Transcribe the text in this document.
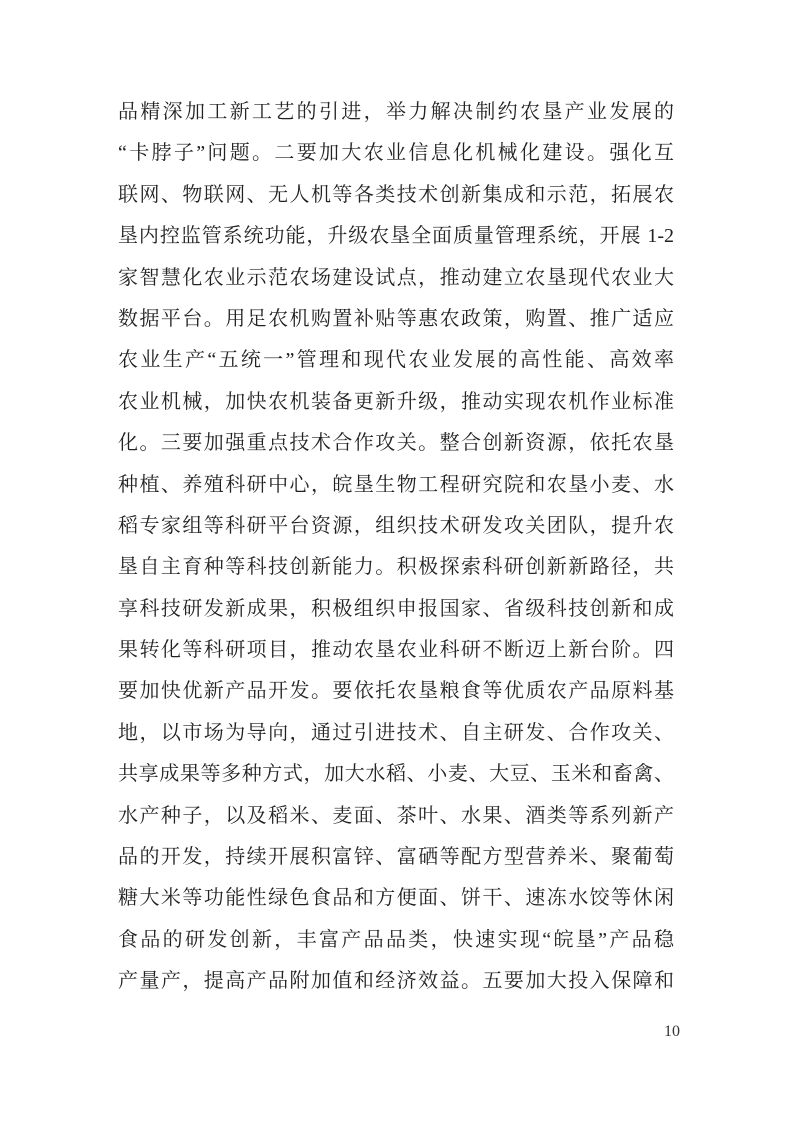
品精深加工新工艺的引进，举力解决制约农垦产业发展的
“卡脖子”问题。二要加大农业信息化机械化建设。强化互
联网、物联网、无人机等各类技术创新集成和示范，拓展农
垦内控监管系统功能，升级农垦全面质量管理系统，开展 1-2
家智慧化农业示范农场建设试点，推动建立农垦现代农业大
数据平台。用足农机购置补贴等惠农政策，购置、推广适应
农业生产“五统一”管理和现代农业发展的高性能、高效率
农业机械，加快农机装备更新升级，推动实现农机作业标准
化。三要加强重点技术合作攻关。整合创新资源，依托农垦
种植、养殖科研中心，皖垦生物工程研究院和农垦小麦、水
稻专家组等科研平台资源，组织技术研发攻关团队，提升农
垦自主育种等科技创新能力。积极探索科研创新新路径，共
享科技研发新成果，积极组织申报国家、省级科技创新和成
果转化等科研项目，推动农垦农业科研不断迈上新台阶。四
要加快优新产品开发。要依托农垦粮食等优质农产品原料基
地，以市场为导向，通过引进技术、自主研发、合作攻关、
共享成果等多种方式，加大水稻、小麦、大豆、玉米和畜禽、
水产种子，以及稻米、麦面、茶叶、水果、酒类等系列新产
品的开发，持续开展积富锌、富硒等配方型营养米、聚葡萄
糖大米等功能性绿色食品和方便面、饼干、速冻水饺等休闲
食品的研发创新，丰富产品品类，快速实现“皖垦”产品稳
产量产，提高产品附加值和经济效益。五要加大投入保障和
10
